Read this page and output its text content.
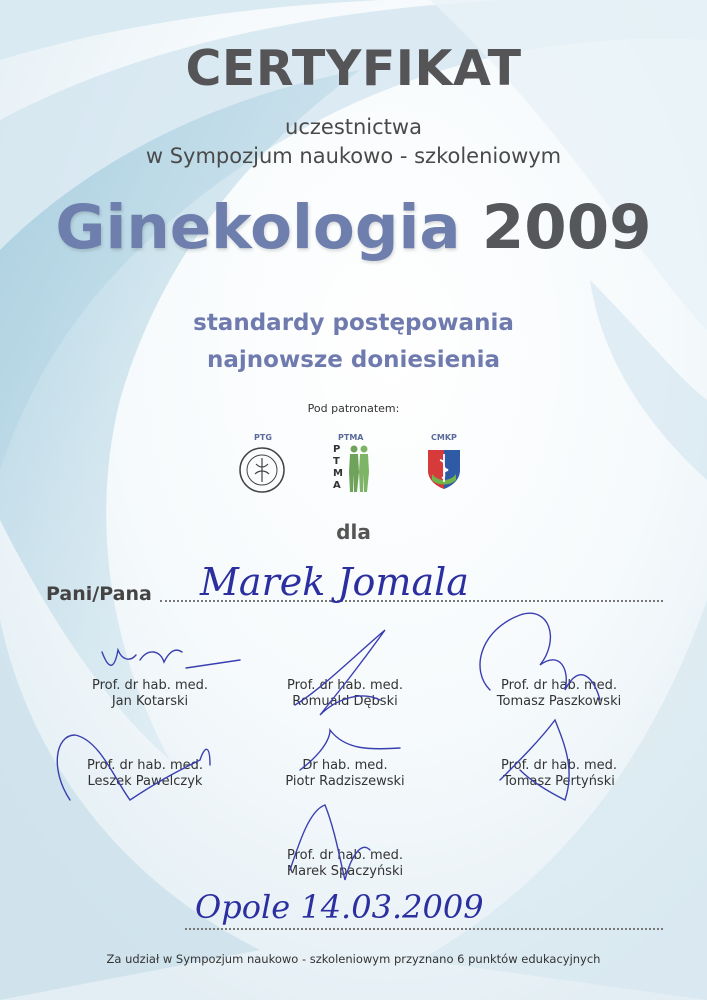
CERTYFIKAT
uczestnictwa
w Sympozjum naukowo - szkoleniowym
Ginekologia 2009
standardy postępowania
najnowsze doniesienia
Pod patronatem:
PTG	PTMA
P
T
M
A
CMKP
dla
Pani/Pana Marek Jomala
Prof. dr hab. med.
Jan Kotarski
Prof. dr hab. med.
Romuald Dębski
Prof. dr hab. med.
Tomasz Paszkowski
Prof. dr hab. med.
Leszek Pawelczyk
Dr hab. med.
Piotr Radziszewski
Prof. dr hab. med.
Tomasz Pertyński
Prof. dr hab. med.
Marek Spaczyński
Opole 14.03.2009
Za udział w Sympozjum naukowo - szkoleniowym przyznano 6 punktów edukacyjnych
